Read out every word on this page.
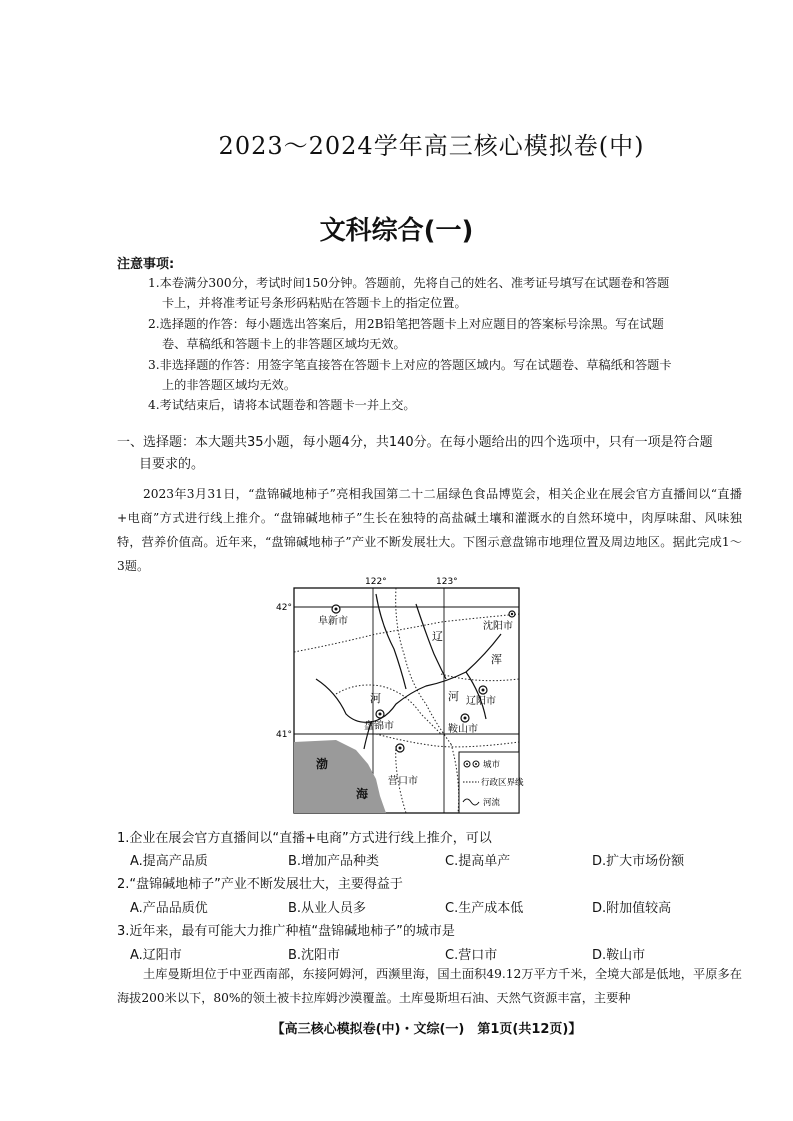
2023～2024学年高三核心模拟卷(中)
文科综合(一)
注意事项:
1.本卷满分300分，考试时间150分钟。答题前，先将自己的姓名、准考证号填写在试题卷和答题
卡上，并将准考证号条形码粘贴在答题卡上的指定位置。
2.选择题的作答：每小题选出答案后，用2B铅笔把答题卡上对应题目的答案标号涂黑。写在试题
卷、草稿纸和答题卡上的非答题区域均无效。
3.非选择题的作答：用签字笔直接答在答题卡上对应的答题区域内。写在试题卷、草稿纸和答题卡
上的非答题区域均无效。
4.考试结束后，请将本试题卷和答题卡一并上交。
一、选择题：本大题共35小题，每小题4分，共140分。在每小题给出的四个选项中，只有一项是符合题
目要求的。
2023年3月31日，“盘锦碱地柿子”亮相我国第二十二届绿色食品博览会，相关企业在展会官方直播间以“直播+电商”方式进行线上推介。“盘锦碱地柿子”生长在独特的高盐碱土壤和灌溉水的自然环境中，肉厚味甜、风味独特，营养价值高。近年来，“盘锦碱地柿子”产业不断发展壮大。下图示意盘锦市地理位置及周边地区。据此完成1～3题。
122°	123°
42°
41°
阜新市	沈阳市
辽阳市
盘锦市	鞍山市
营口市
辽
河
浑
河
渤
海
城市
行政区界线
河流
1.企业在展会官方直播间以“直播+电商”方式进行线上推介，可以
A.提高产品质	B.增加产品种类	C.提高单产	D.扩大市场份额
2.“盘锦碱地柿子”产业不断发展壮大，主要得益于
A.产品品质优	B.从业人员多	C.生产成本低	D.附加值较高
3.近年来，最有可能大力推广种植“盘锦碱地柿子”的城市是
A.辽阳市	B.沈阳市	C.营口市	D.鞍山市
土库曼斯坦位于中亚西南部，东接阿姆河，西濒里海，国土面积49.12万平方千米，全境大部是低地，平原多在海拔200米以下，80%的领土被卡拉库姆沙漠覆盖。土库曼斯坦石油、天然气资源丰富，主要种
【高三核心模拟卷(中)・文综(一)　第1页(共12页)】
